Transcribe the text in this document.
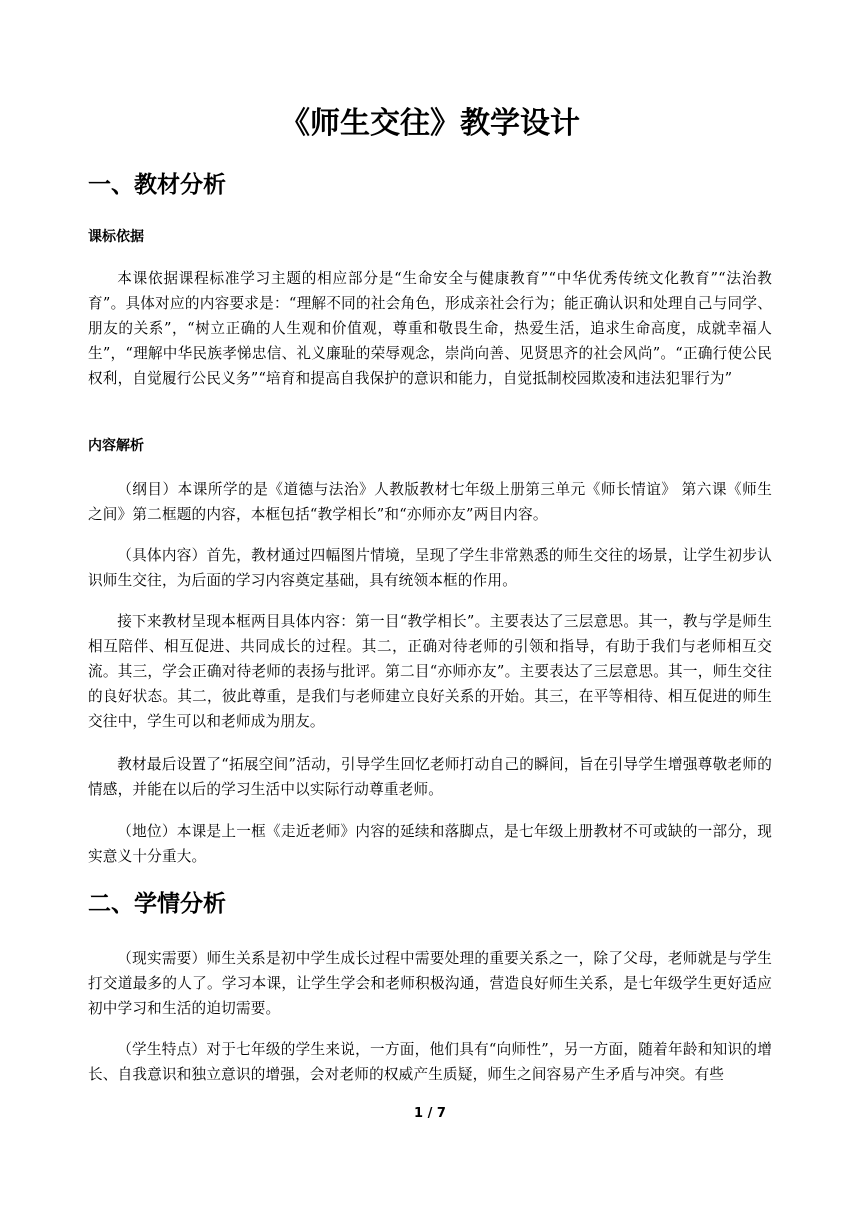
《师生交往》教学设计
一、教材分析
课标依据

本课依据课程标准学习主题的相应部分是“生命安全与健康教育”“中华优秀传统文化教育”“法治教育”。具体对应的内容要求是：“理解不同的社会角色，形成亲社会行为；能正确认识和处理自己与同学、朋友的关系”，“树立正确的人生观和价值观，尊重和敬畏生命，热爱生活，追求生命高度，成就幸福人生”，“理解中华民族孝悌忠信、礼义廉耻的荣辱观念，崇尚向善、见贤思齐的社会风尚”。“正确行使公民权利，自觉履行公民义务”“培育和提高自我保护的意识和能力，自觉抵制校园欺凌和违法犯罪行为”

内容解析

（纲目）本课所学的是《道德与法治》人教版教材七年级上册第三单元《师长情谊》 第六课《师生之间》第二框题的内容，本框包括“教学相长”和“亦师亦友”两目内容。

（具体内容）首先，教材通过四幅图片情境，呈现了学生非常熟悉的师生交往的场景，让学生初步认识师生交往，为后面的学习内容奠定基础，具有统领本框的作用。

接下来教材呈现本框两目具体内容：第一目“教学相长”。主要表达了三层意思。其一，教与学是师生相互陪伴、相互促进、共同成长的过程。其二，正确对待老师的引领和指导，有助于我们与老师相互交流。其三，学会正确对待老师的表扬与批评。第二目“亦师亦友”。主要表达了三层意思。其一，师生交往的良好状态。其二，彼此尊重，是我们与老师建立良好关系的开始。其三，在平等相待、相互促进的师生交往中，学生可以和老师成为朋友。

教材最后设置了“拓展空间”活动，引导学生回忆老师打动自己的瞬间，旨在引导学生增强尊敬老师的情感，并能在以后的学习生活中以实际行动尊重老师。

（地位）本课是上一框《走近老师》内容的延续和落脚点，是七年级上册教材不可或缺的一部分，现实意义十分重大。

二、学情分析

（现实需要）师生关系是初中学生成长过程中需要处理的重要关系之一，除了父母，老师就是与学生打交道最多的人了。学习本课，让学生学会和老师积极沟通，营造良好师生关系，是七年级学生更好适应初中学习和生活的迫切需要。

（学生特点）对于七年级的学生来说，一方面，他们具有“向师性”，另一方面，随着年龄和知识的增长、自我意识和独立意识的增强，会对老师的权威产生质疑，师生之间容易产生矛盾与冲突。有些

1 / 7
